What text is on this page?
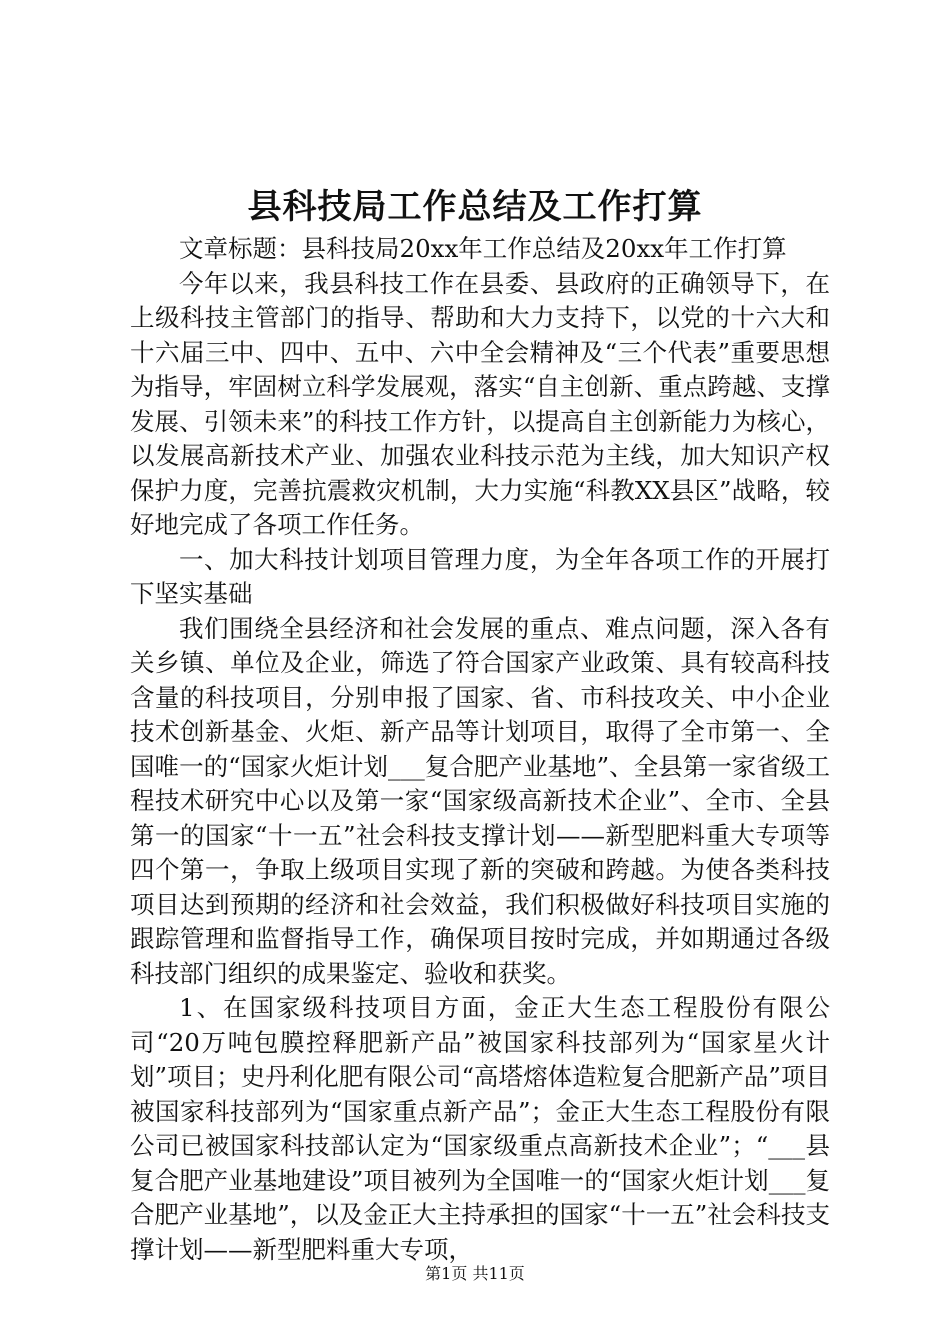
县科技局工作总结及工作打算

文章标题：县科技局20xx年工作总结及20xx年工作打算

今年以来，我县科技工作在县委、县政府的正确领导下，在上级科技主管部门的指导、帮助和大力支持下，以党的十六大和十六届三中、四中、五中、六中全会精神及“三个代表”重要思想为指导，牢固树立科学发展观，落实“自主创新、重点跨越、支撑发展、引领未来”的科技工作方针，以提高自主创新能力为核心，以发展高新技术产业、加强农业科技示范为主线，加大知识产权保护力度，完善抗震救灾机制，大力实施“科教XX县区”战略，较好地完成了各项工作任务。

一、加大科技计划项目管理力度，为全年各项工作的开展打下坚实基础

我们围绕全县经济和社会发展的重点、难点问题，深入各有关乡镇、单位及企业，筛选了符合国家产业政策、具有较高科技含量的科技项目，分别申报了国家、省、市科技攻关、中小企业技术创新基金、火炬、新产品等计划项目，取得了全市第一、全国唯一的“国家火炬计划___复合肥产业基地”、全县第一家省级工程技术研究中心以及第一家“国家级高新技术企业”、全市、全县第一的国家“十一五”社会科技支撑计划——新型肥料重大专项等四个第一，争取上级项目实现了新的突破和跨越。为使各类科技项目达到预期的经济和社会效益，我们积极做好科技项目实施的跟踪管理和监督指导工作，确保项目按时完成，并如期通过各级科技部门组织的成果鉴定、验收和获奖。

1、在国家级科技项目方面，金正大生态工程股份有限公司“20万吨包膜控释肥新产品”被国家科技部列为“国家星火计划”项目；史丹利化肥有限公司“高塔熔体造粒复合肥新产品”项目被国家科技部列为“国家重点新产品”；金正大生态工程股份有限公司已被国家科技部认定为“国家级重点高新技术企业”；“___县复合肥产业基地建设”项目被列为全国唯一的“国家火炬计划___复合肥产业基地”，以及金正大主持承担的国家“十一五”社会科技支撑计划——新型肥料重大专项，

第1页 共11页
